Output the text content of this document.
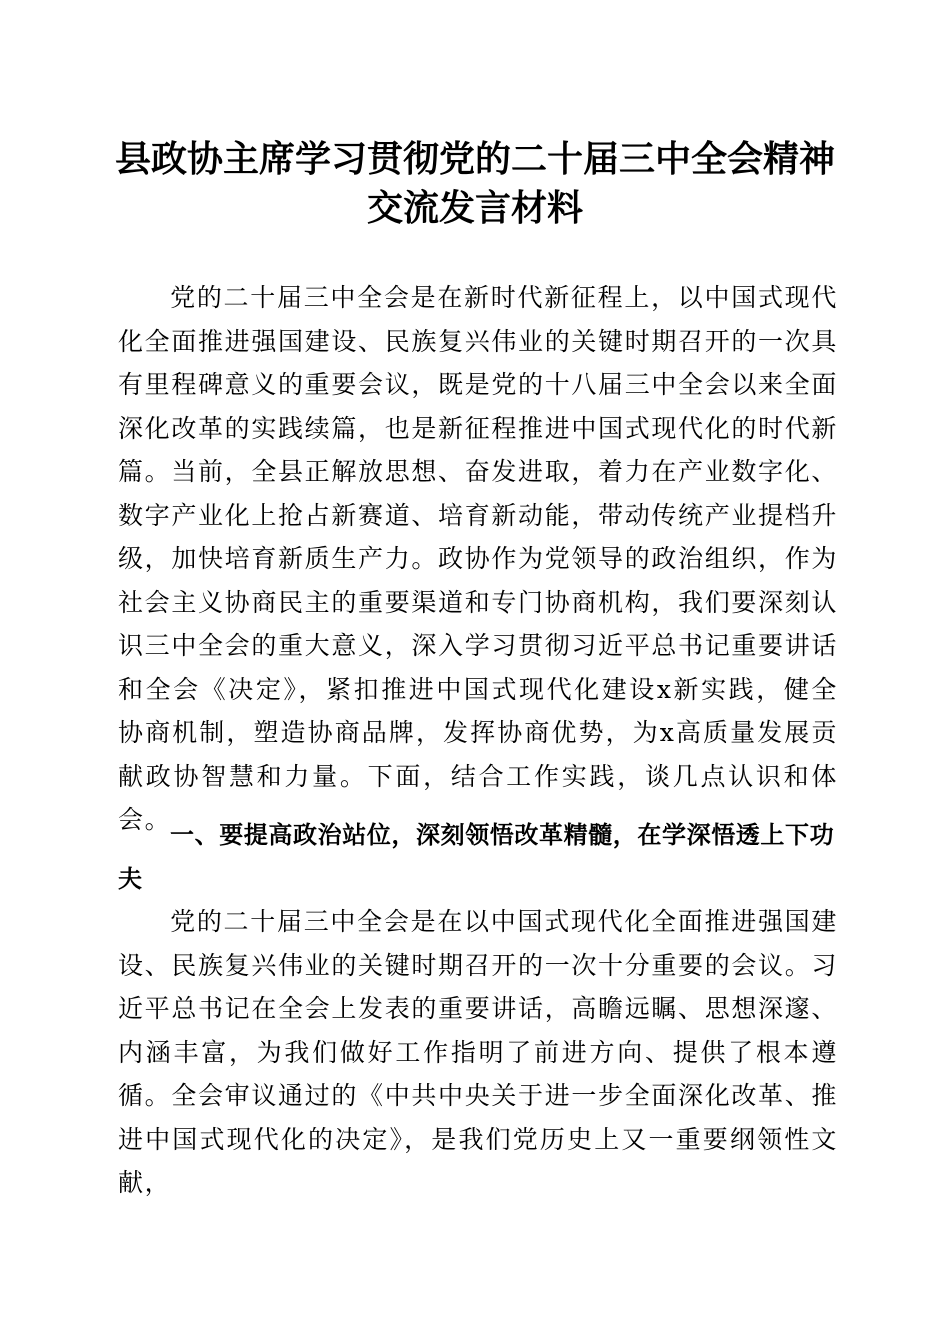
县政协主席学习贯彻党的二十届三中全会精神
交流发言材料

党的二十届三中全会是在新时代新征程上，以中国式现代化全面推进强国建设、民族复兴伟业的关键时期召开的一次具有里程碑意义的重要会议，既是党的十八届三中全会以来全面深化改革的实践续篇，也是新征程推进中国式现代化的时代新篇。当前，全县正解放思想、奋发进取，着力在产业数字化、数字产业化上抢占新赛道、培育新动能，带动传统产业提档升级，加快培育新质生产力。政协作为党领导的政治组织，作为社会主义协商民主的重要渠道和专门协商机构，我们要深刻认识三中全会的重大意义，深入学习贯彻习近平总书记重要讲话和全会《决定》，紧扣推进中国式现代化建设x新实践，健全协商机制，塑造协商品牌，发挥协商优势，为x高质量发展贡献政协智慧和力量。下面，结合工作实践，谈几点认识和体会。

一、要提高政治站位，深刻领悟改革精髓，在学深悟透上下功夫

党的二十届三中全会是在以中国式现代化全面推进强国建设、民族复兴伟业的关键时期召开的一次十分重要的会议。习近平总书记在全会上发表的重要讲话，高瞻远瞩、思想深邃、内涵丰富，为我们做好工作指明了前进方向、提供了根本遵循。全会审议通过的《中共中央关于进一步全面深化改革、推进中国式现代化的决定》，是我们党历史上又一重要纲领性文献，
